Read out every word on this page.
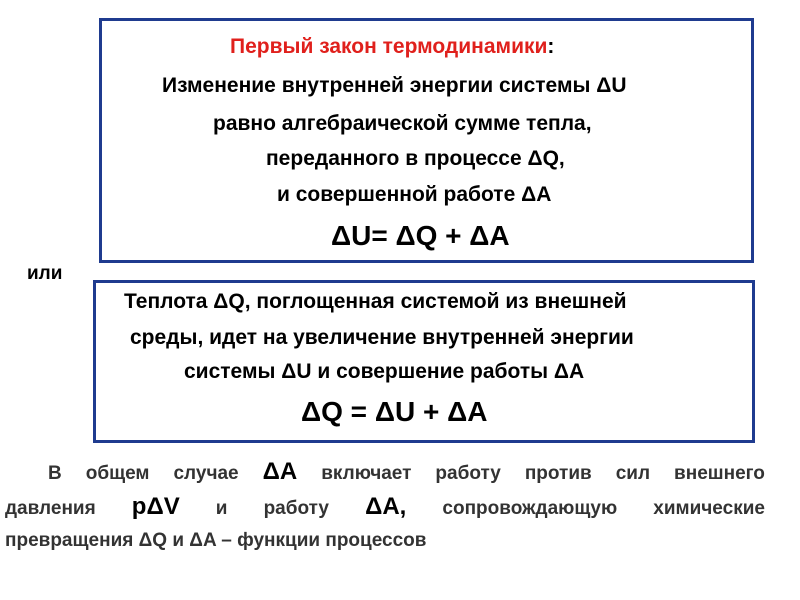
Первый закон термодинамики:
Изменение внутренней энергии системы ΔU
равно алгебраической сумме тепла,
переданного в процессе ΔQ,
и совершенной работе ΔA
ΔU= ΔQ + ΔA
или
Теплота ΔQ, поглощенная системой из внешней
среды, идет на увеличение внутренней энергии
системы ΔU и совершение работы ΔA
ΔQ = ΔU + ΔA
В общем случае ΔA включает работу против сил внешнего
давления pΔV и работу ΔA, сопровождающую химические
превращения ΔQ и ΔA – функции процессов
